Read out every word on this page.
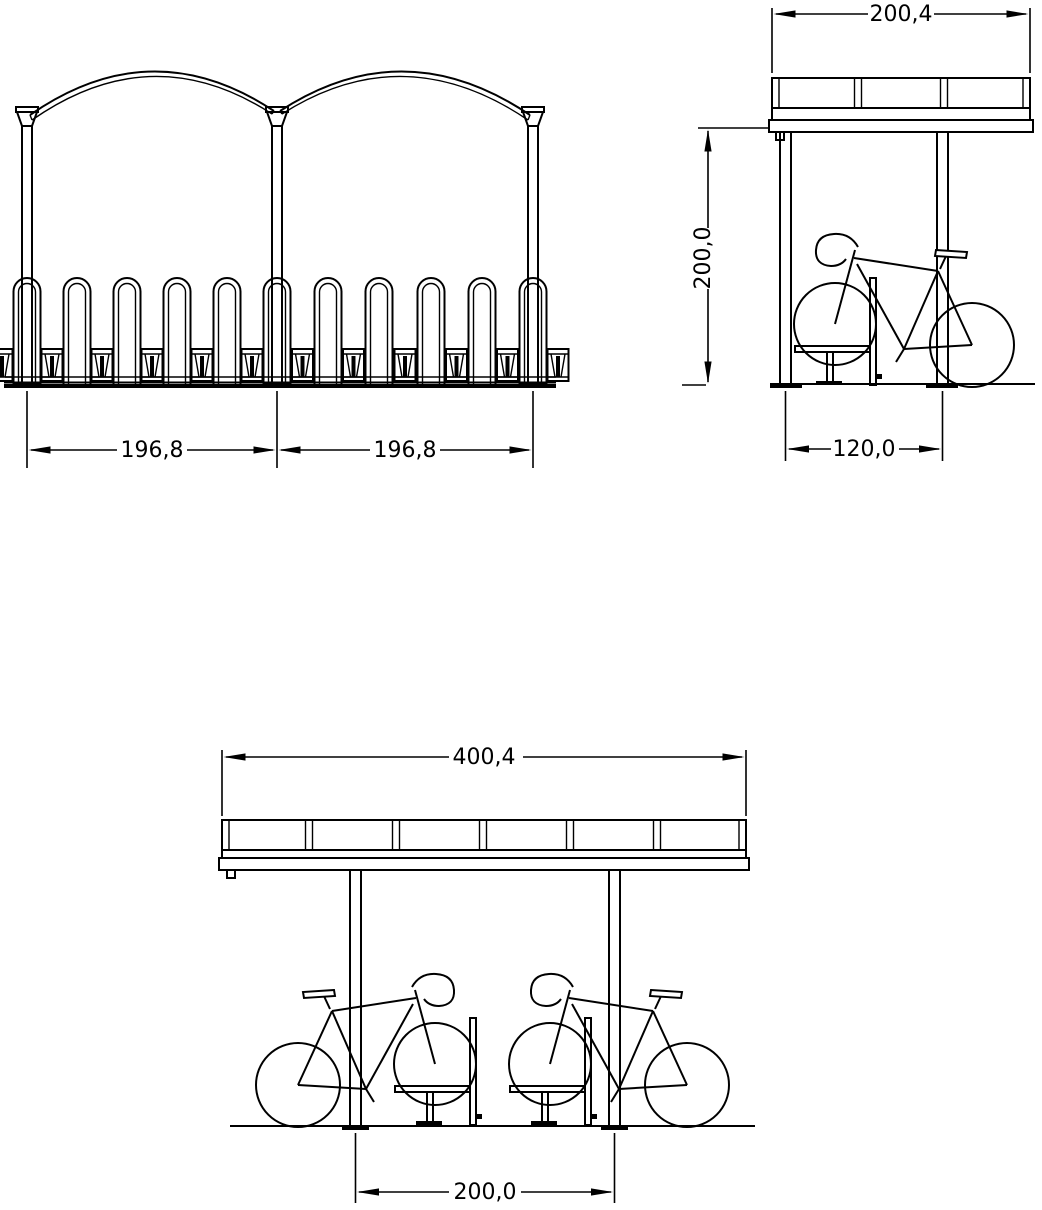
196,8	196,8
200,4
200,0
120,0
400,4
200,0
